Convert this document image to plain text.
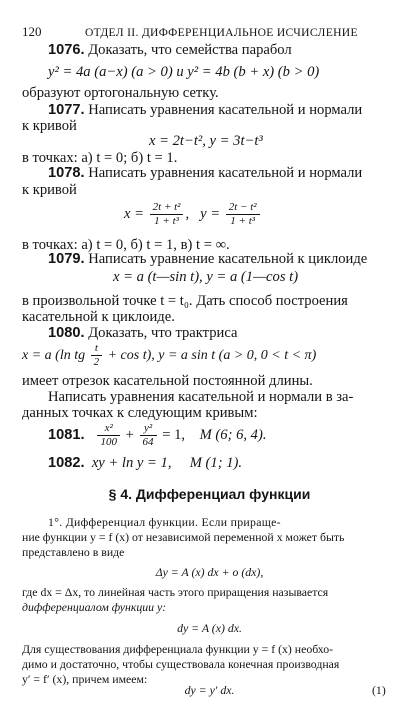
120	ОТДЕЛ II. ДИФФЕРЕНЦИАЛЬНОЕ ИСЧИСЛЕНИЕ
1076. Доказать, что семейства парабол
y² = 4a (a−x) (a > 0) и y² = 4b (b + x) (b > 0)
образуют ортогональную сетку.
1077. Написать уравнения касательной и нормали
к кривой
x = 2t−t², y = 3t−t³
в точках: а) t = 0; б) t = 1.
1078. Написать уравнения касательной и нормали
к кривой
$x = \frac{\text{2t + t²}}{\text{1 + t³}}$ , $y = \frac{\text{2t − t²}}{\text{1 + t³}}$
в точках: а) t = 0, б) t = 1, в) t = ∞.
1079. Написать уравнение касательной к циклоиде
x = a (t—sin t), y = a (1—cos t)
в произвольной точке t = t₀. Дать способ построения
касательной к циклоиде.
1080. Доказать, что трактриса
x = a (ln tg $\frac{t}{2} + \cos t$), y = a sin t (a > 0, 0 < t < π)
имеет отрезок касательной постоянной длины.
Написать уравнения касательной и нормали в за-
данных точках к следующим кривым:
1081. $\frac{\text{x²}}{100} + \frac{\text{y²}}{64} = 1$, M (6; 6, 4).
1082. xy + ln y = 1, M (1; 1).
§ 4. Дифференциал функции
1°. Дифференциал функции. Если прираще-
ние функции y = f (x) от независимой переменной x может быть
представлено в виде
Δy = A (x) dx + o (dx),
где dx = Δx, то линейная часть этого приращения называется
дифференциалом функции y:
dy = A (x) dx.
Для существования дифференциала функции y = f (x) необхо-
димо и достаточно, чтобы существовала конечная производная
y′ = f′ (x), причем имеем:
dy = y′ dx.	(1)
